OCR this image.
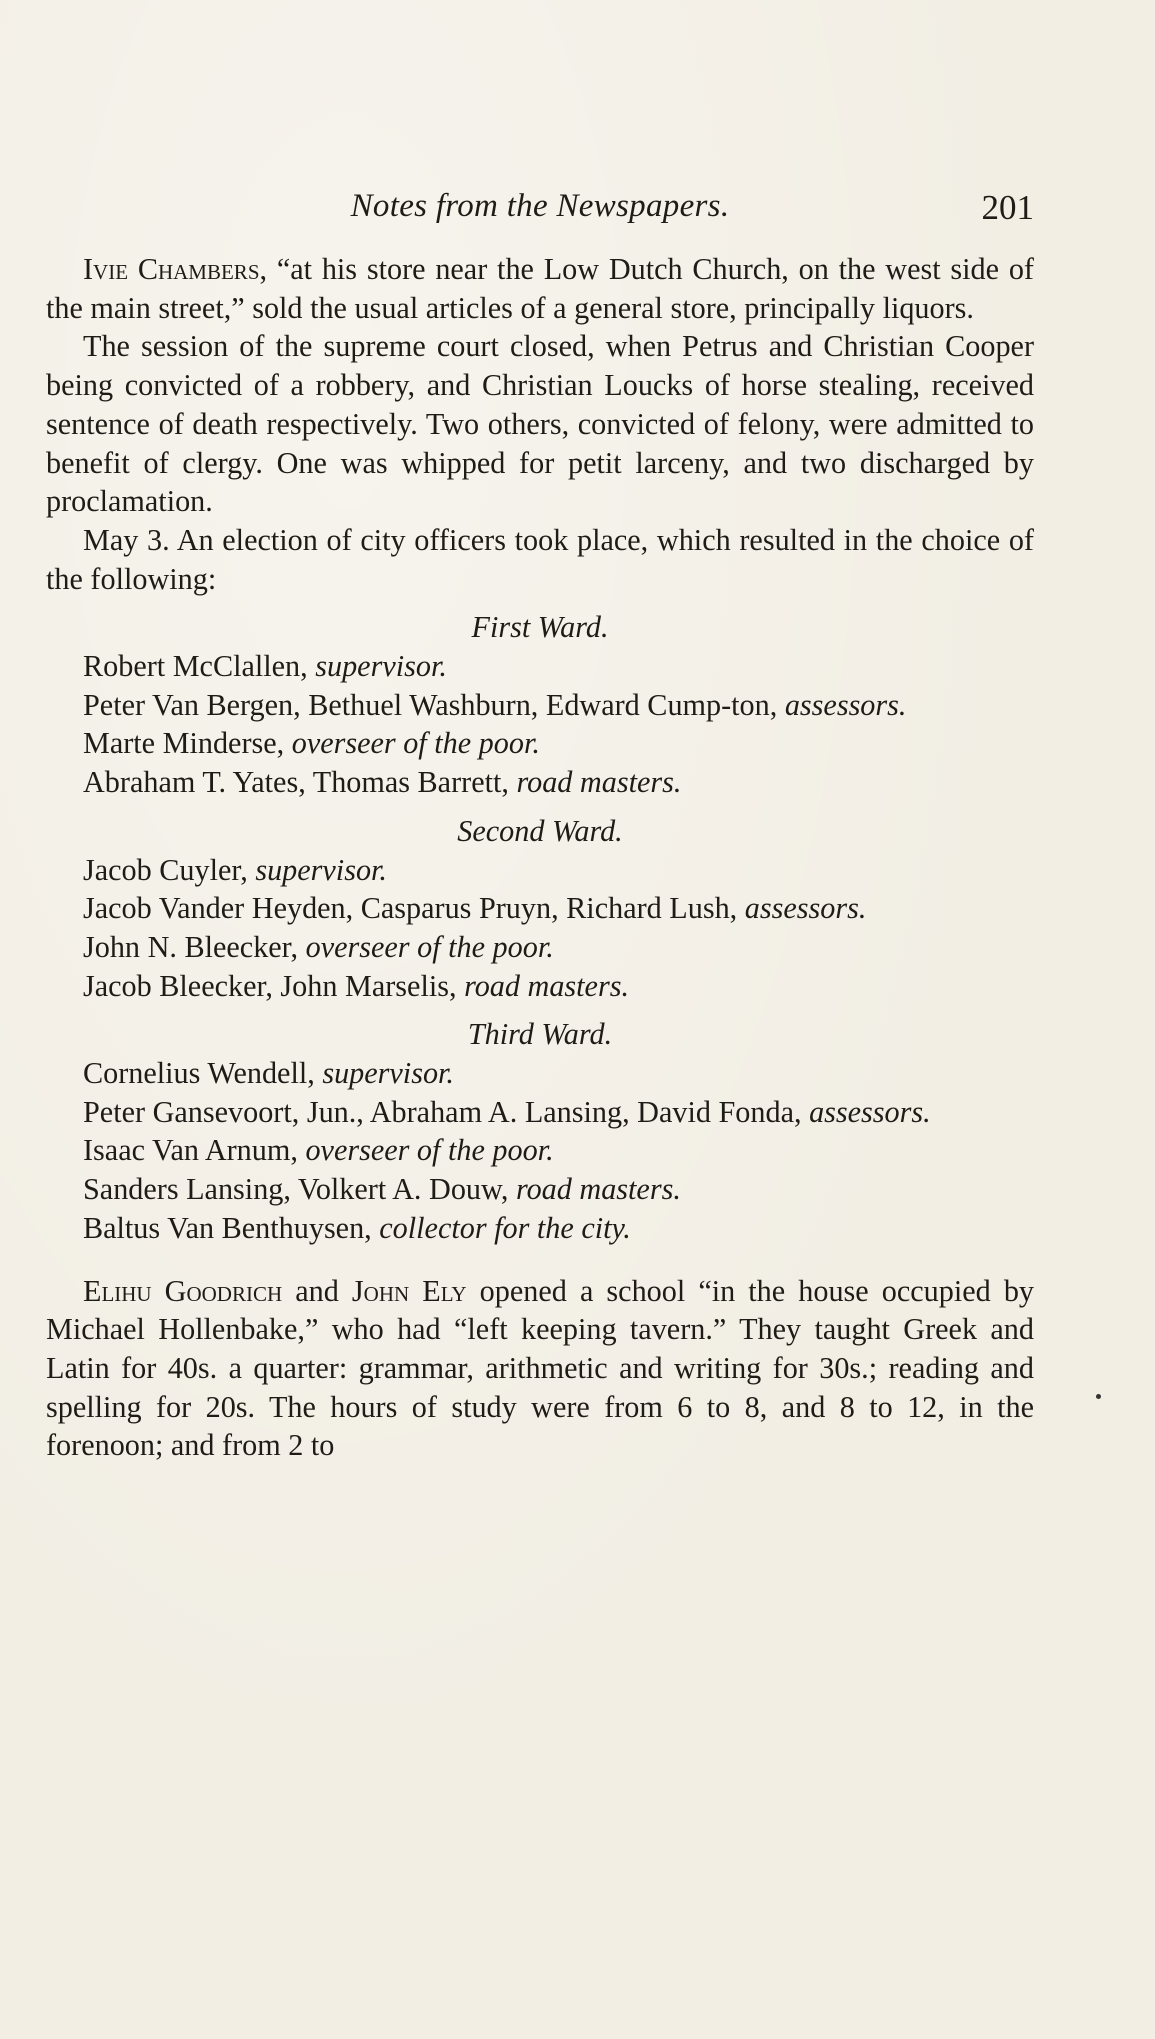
Notes from the Newspapers.	201

Ivie Chambers, “at his store near the Low Dutch Church, on the west side of the main street,” sold the usual articles of a general store, principally liquors.

The session of the supreme court closed, when Petrus and Christian Cooper being convicted of a robbery, and Christian Loucks of horse stealing, received sentence of death respectively. Two others, convicted of felony, were admitted to benefit of clergy. One was whipped for petit larceny, and two discharged by proclamation.

May 3. An election of city officers took place, which resulted in the choice of the following:

First Ward.

Robert McClallen, supervisor.

Peter Van Bergen, Bethuel Washburn, Edward Cump-ton, assessors.

Marte Minderse, overseer of the poor.

Abraham T. Yates, Thomas Barrett, road masters.

Second Ward.

Jacob Cuyler, supervisor.

Jacob Vander Heyden, Casparus Pruyn, Richard Lush, assessors.

John N. Bleecker, overseer of the poor.

Jacob Bleecker, John Marselis, road masters.

Third Ward.

Cornelius Wendell, supervisor.

Peter Gansevoort, Jun., Abraham A. Lansing, David Fonda, assessors.

Isaac Van Arnum, overseer of the poor.

Sanders Lansing, Volkert A. Douw, road masters.

Baltus Van Benthuysen, collector for the city.

Elihu Goodrich and John Ely opened a school “in the house occupied by Michael Hollenbake,” who had “left keeping tavern.” They taught Greek and Latin for 40s. a quarter: grammar, arithmetic and writing for 30s.; reading and spelling for 20s. The hours of study were from 6 to 8, and 8 to 12, in the forenoon; and from 2 to
